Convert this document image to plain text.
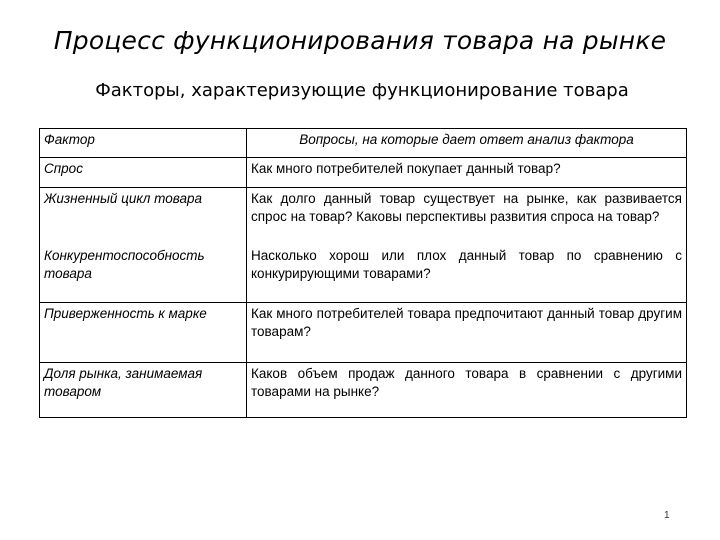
Процесс функционирования товара на рынке
Факторы, характеризующие функционирование товара
Фактор	Вопросы, на которые дает ответ анализ фактора
Спрос	Как много потребителей покупает данный товар?
Жизненный цикл товара	Как долго данный товар существует на рынке, как развивается спрос на товар? Каковы перспективы развития спроса на товар?
Конкурентоспособность товара	Насколько хорош или плох данный товар по сравнению с конкурирующими товарами?
Приверженность к марке	Как много потребителей товара предпочитают данный товар другим товарам?
Доля рынка, занимаемая товаром	Каков объем продаж данного товара в сравнении с другими товарами на рынке?
1
